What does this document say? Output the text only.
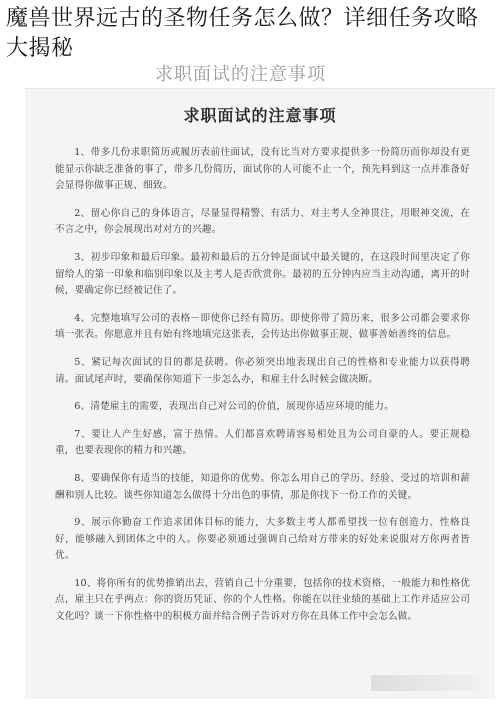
魔兽世界远古的圣物任务怎么做？详细任务攻略大揭秘
求职面试的注意事项
求职面试的注意事项

1、带多几份求职简历或履历表前往面试，没有比当对方要求提供多一份简历而你却没有更能显示你缺乏准备的事了，带多几份简历，面试你的人可能不止一个，预先料到这一点并准备好会显得你做事正规、细致。

2、留心你自己的身体语言，尽量显得精警、有活力、对主考人全神贯注，用眼神交流，在不言之中，你会展现出对对方的兴趣。

3、初步印象和最后印象。最初和最后的五分钟是面试中最关键的，在这段时间里决定了你留给人的第一印象和临别印象以及主考人是否欣赏你。最初的五分钟内应当主动沟通，离开的时候，要确定你已经被记住了。

4、完整地填写公司的表格－即使你已经有简历。即使你带了简历来，很多公司都会要求你填一张表。你愿意并且有始有终地填完这张表，会传达出你做事正规、做事善始善终的信息。

5、紧记每次面试的目的都是获聘。你必须突出地表现出自己的性格和专业能力以获得聘请。面试尾声时，要确保你知道下一步怎么办，和雇主什么时候会做决断。

6、清楚雇主的需要，表现出自己对公司的价值，展现你适应环境的能力。

7、要让人产生好感，富于热情。人们都喜欢聘请容易相处且为公司自豪的人。要正规稳重，也要表现你的精力和兴趣。

8、要确保你有适当的技能，知道你的优势。你怎么用自己的学历、经验、受过的培训和薪酬和别人比较。谈些你知道怎么做得十分出色的事情，那是你找下一份工作的关键。

9、展示你勤奋工作追求团体目标的能力，大多数主考人都希望找一位有创造力、性格良好，能够融入到团体之中的人。你要必须通过强调自己给对方带来的好处来说服对方你两者皆优。

10、将你所有的优势推销出去，营销自己十分重要，包括你的技术资格，一般能力和性格优点，雇主只在乎两点：你的资历凭证、你的个人性格。你能在以往业绩的基础上工作并适应公司文化吗？谈一下你性格中的积极方面并结合例子告诉对方你在具体工作中会怎么做。
